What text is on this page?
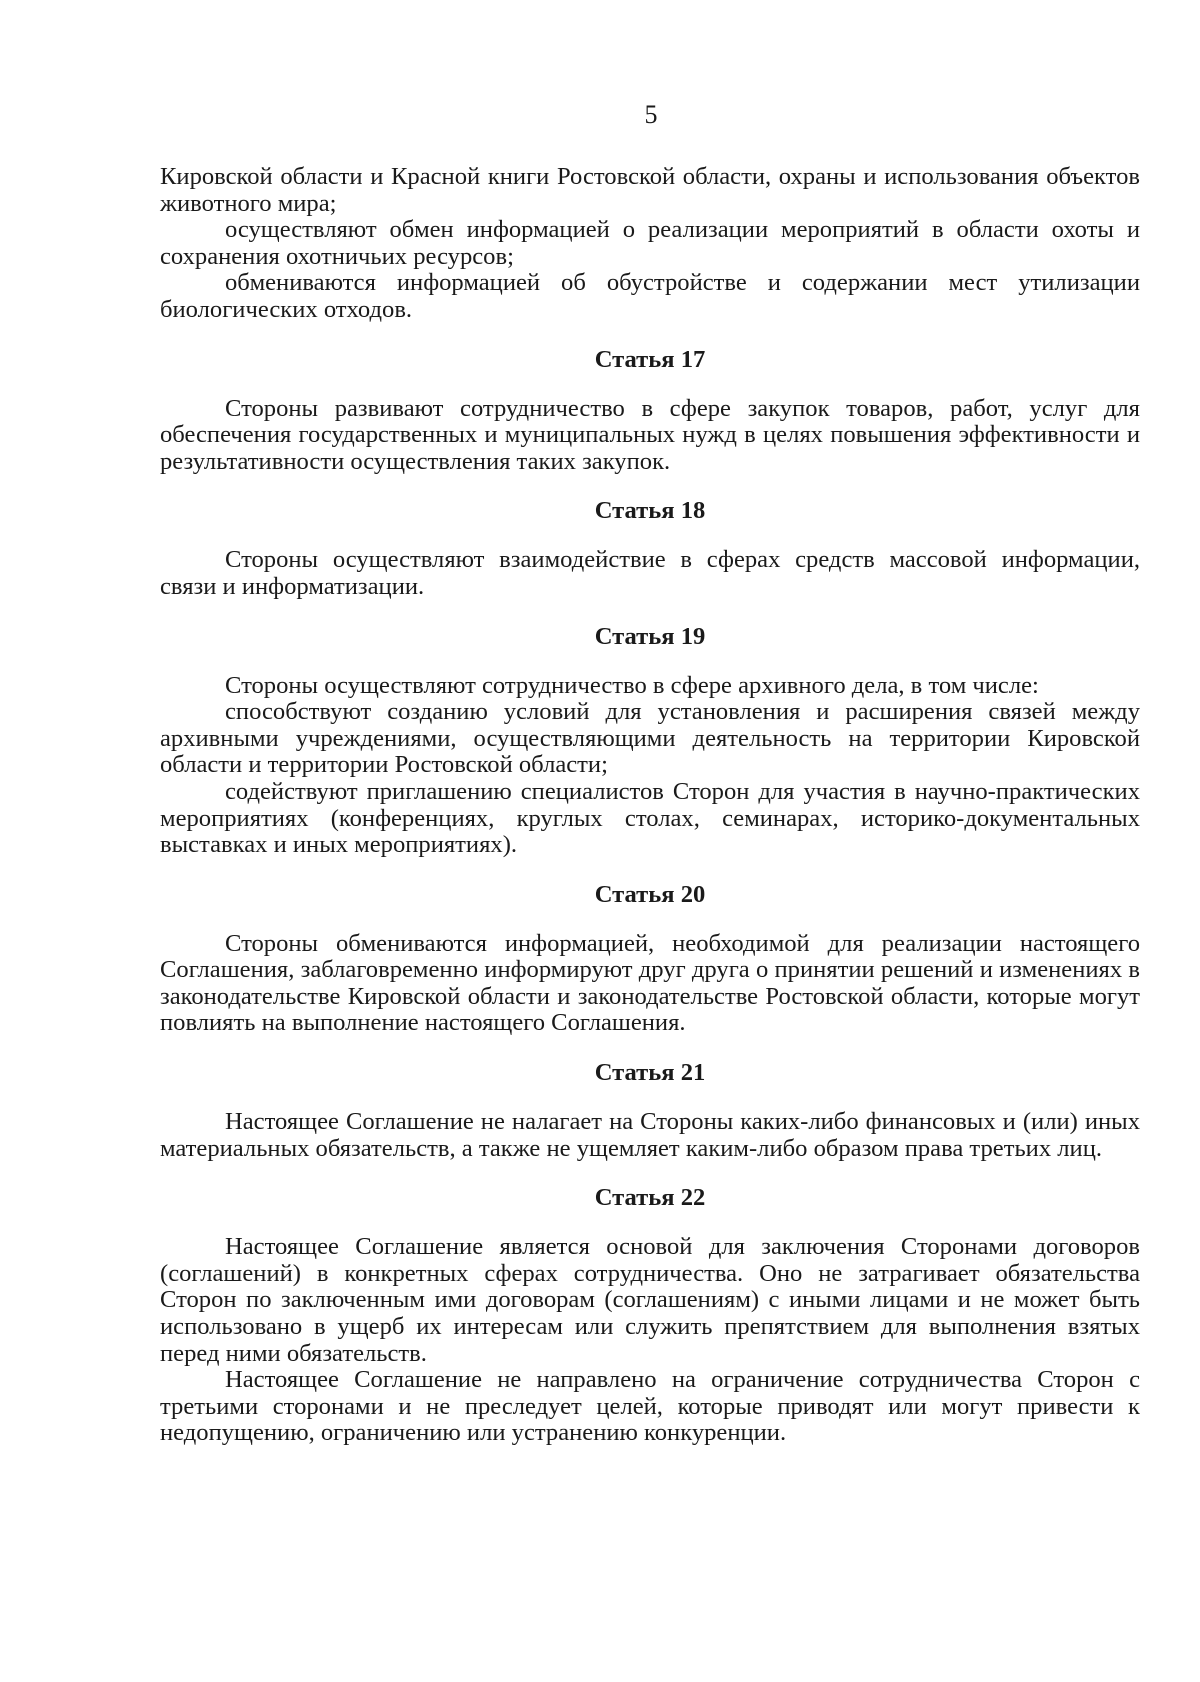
5

Кировской области и Красной книги Ростовской области, охраны и использования объектов животного мира;

осуществляют обмен информацией о реализации мероприятий в области охоты и сохранения охотничьих ресурсов;

обмениваются информацией об обустройстве и содержании мест утилизации биологических отходов.

Статья 17

Стороны развивают сотрудничество в сфере закупок товаров, работ, услуг для обеспечения государственных и муниципальных нужд в целях повышения эффективности и результативности осуществления таких закупок.

Статья 18

Стороны осуществляют взаимодействие в сферах средств массовой информации, связи и информатизации.

Статья 19

Стороны осуществляют сотрудничество в сфере архивного дела, в том числе:

способствуют созданию условий для установления и расширения связей между архивными учреждениями, осуществляющими деятельность на территории Кировской области и территории Ростовской области;

содействуют приглашению специалистов Сторон для участия в научно-практических мероприятиях (конференциях, круглых столах, семинарах, историко-документальных выставках и иных мероприятиях).

Статья 20

Стороны обмениваются информацией, необходимой для реализации настоящего Соглашения, заблаговременно информируют друг друга о принятии решений и изменениях в законодательстве Кировской области и законодательстве Ростовской области, которые могут повлиять на выполнение настоящего Соглашения.

Статья 21

Настоящее Соглашение не налагает на Стороны каких-либо финансовых и (или) иных материальных обязательств, а также не ущемляет каким-либо образом права третьих лиц.

Статья 22

Настоящее Соглашение является основой для заключения Сторонами договоров (соглашений) в конкретных сферах сотрудничества. Оно не затрагивает обязательства Сторон по заключенным ими договорам (соглашениям) с иными лицами и не может быть использовано в ущерб их интересам или служить препятствием для выполнения взятых перед ними обязательств.

Настоящее Соглашение не направлено на ограничение сотрудничества Сторон с третьими сторонами и не преследует целей, которые приводят или могут привести к недопущению, ограничению или устранению конкуренции.
